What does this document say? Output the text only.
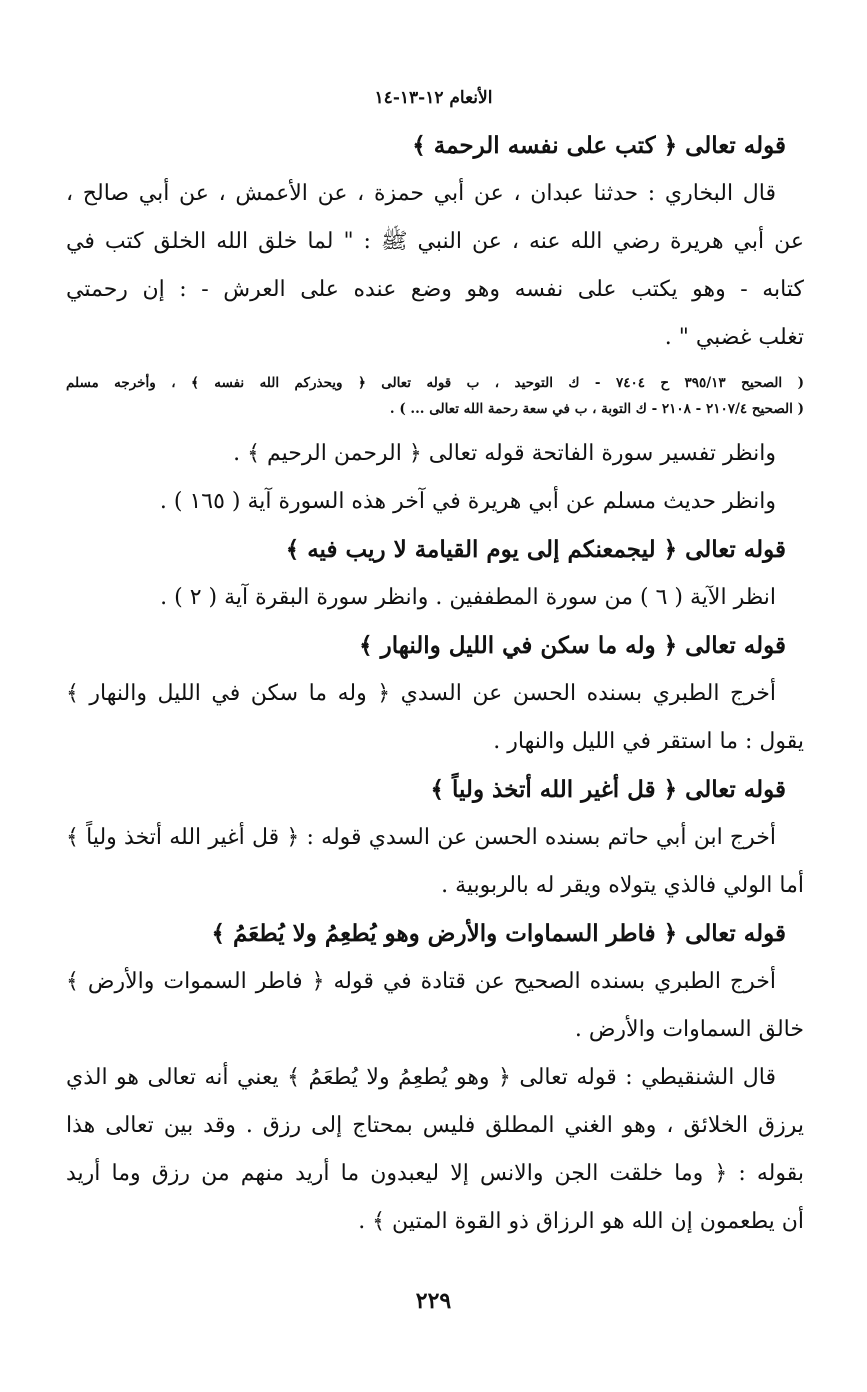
الأنعام ١٢-١٣-١٤
قوله تعالى ﴿ كتب على نفسه الرحمة ﴾
قال البخاري : حدثنا عبدان ، عن أبي حمزة ، عن الأعمش ، عن أبي صالح ،
عن أبي هريرة رضي الله عنه ، عن النبي ﷺ : " لما خلق الله الخلق كتب في
كتابه - وهو يكتب على نفسه وهو وضع عنده على العرش - : إن رحمتي
تغلب غضبي " .
( الصحيح ٣٩٥/١٣ ح ٧٤٠٤ - ك التوحيد ، ب قوله تعالى ﴿ ويحذركم الله نفسه ﴾ ، وأخرجه مسلم
( الصحيح ٢١٠٧/٤ - ٢١٠٨ - ك التوبة ، ب في سعة رحمة الله تعالى ... ) .
وانظر تفسير سورة الفاتحة قوله تعالى ﴿ الرحمن الرحيم ﴾ .
وانظر حديث مسلم عن أبي هريرة في آخر هذه السورة آية ( ١٦٥ ) .
قوله تعالى ﴿ ليجمعنكم إلى يوم القيامة لا ريب فيه ﴾
انظر الآية ( ٦ ) من سورة المطففين . وانظر سورة البقرة آية ( ٢ ) .
قوله تعالى ﴿ وله ما سكن في الليل والنهار ﴾
أخرج الطبري بسنده الحسن عن السدي ﴿ وله ما سكن في الليل والنهار ﴾
يقول : ما استقر في الليل والنهار .
قوله تعالى ﴿ قل أغير الله أتخذ ولياً ﴾
أخرج ابن أبي حاتم بسنده الحسن عن السدي قوله : ﴿ قل أغير الله أتخذ ولياً ﴾
أما الولي فالذي يتولاه ويقر له بالربوبية .
قوله تعالى ﴿ فاطر السماوات والأرض وهو يُطعِمُ ولا يُطعَمُ ﴾
أخرج الطبري بسنده الصحيح عن قتادة في قوله ﴿ فاطر السموات والأرض ﴾
خالق السماوات والأرض .
قال الشنقيطي : قوله تعالى ﴿ وهو يُطعِمُ ولا يُطعَمُ ﴾ يعني أنه تعالى هو الذي
يرزق الخلائق ، وهو الغني المطلق فليس بمحتاج إلى رزق . وقد بين تعالى هذا
بقوله : ﴿ وما خلقت الجن والانس إلا ليعبدون ما أريد منهم من رزق وما أريد
أن يطعمون إن الله هو الرزاق ذو القوة المتين ﴾ .
٢٢٩
